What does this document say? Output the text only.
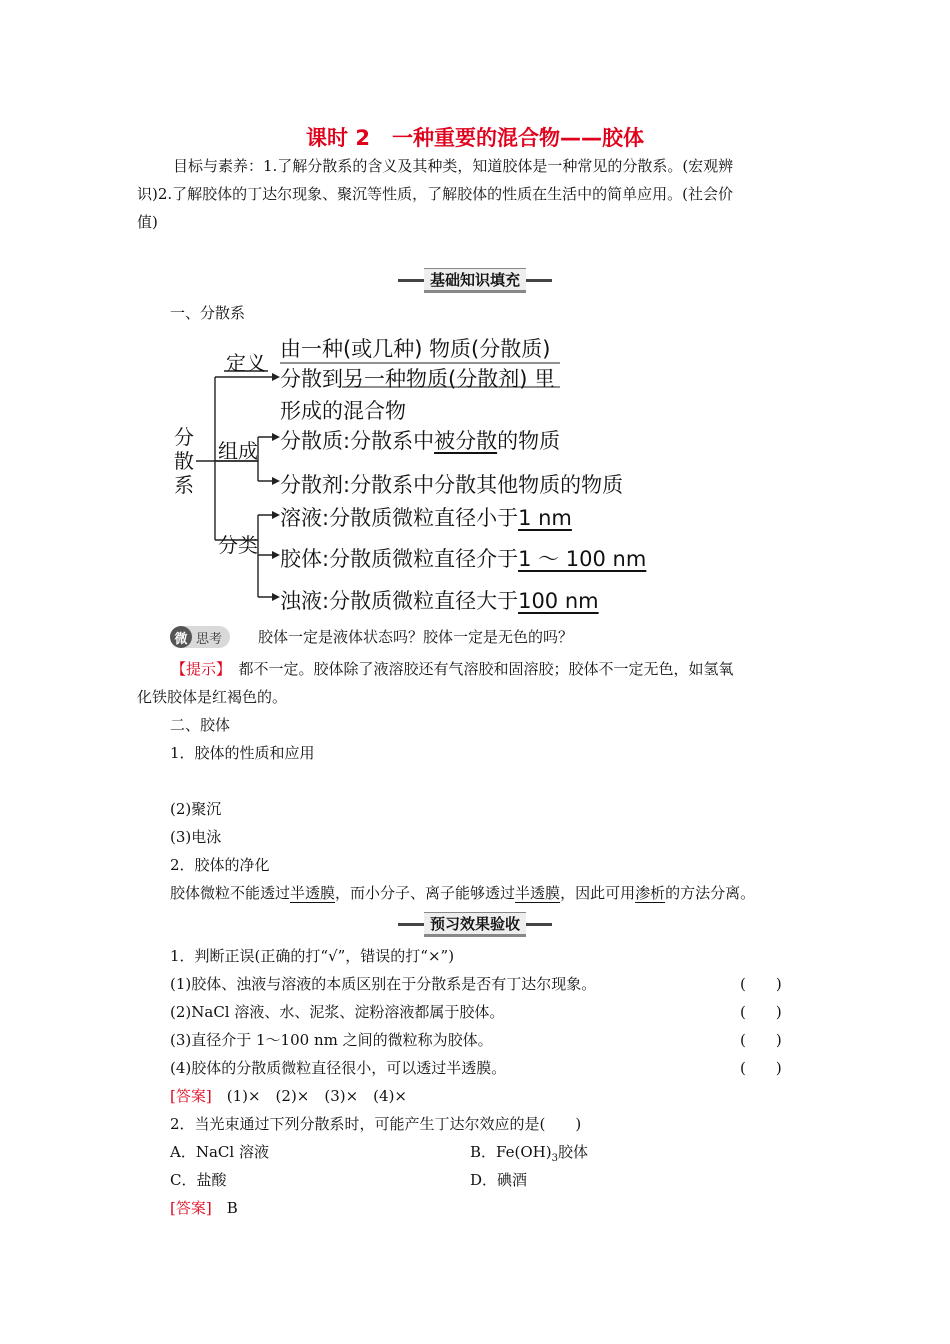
课时 2 一种重要的混合物——胶体
目标与素养：1.了解分散系的含义及其种类，知道胶体是一种常见的分散系。(宏观辨
识)2.了解胶体的丁达尔现象、聚沉等性质，了解胶体的性质在生活中的简单应用。(社会价
值)
基础知识填充
一、分散系
分
散
系
定义
由一种(或几种) 物质(分散质)
分散到另一种物质(分散剂) 里
形成的混合物
组成 分散质:分散系中被分散的物质
分散剂:分散系中分散其他物质的物质
分类
溶液:分散质微粒直径小于1 nm
胶体:分散质微粒直径介于1 ～ 100 nm
浊液:分散质微粒直径大于100 nm
微 思考	胶体一定是液体状态吗？胶体一定是无色的吗？
【提示】　 都不一定。胶体除了液溶胶还有气溶胶和固溶胶；胶体不一定无色，如氢氧
化铁胶体是红褐色的。
二、胶体
1．胶体的性质和应用
(2)聚沉
(3)电泳
2．胶体的净化
胶体微粒不能透过半透膜，而小分子、离子能够透过半透膜，因此可用渗析的方法分离。
预习效果验收
1．判断正误(正确的打“√”，错误的打“×”)
(1)胶体、浊液与溶液的本质区别在于分散系是否有丁达尔现象。	(　　)
(2)NaCl 溶液、水、泥浆、淀粉溶液都属于胶体。	(　　)
(3)直径介于 1～100 nm 之间的微粒称为胶体。	(　　)
(4)胶体的分散质微粒直径很小，可以透过半透膜。	(　　)
[答案]　 (1)×　(2)×　(3)×　(4)×
2．当光束通过下列分散系时，可能产生丁达尔效应的是(　　)
A．NaCl 溶液	B．$Fe(OH)_3$胶体
C．盐酸	D．碘酒
[答案]　 B
